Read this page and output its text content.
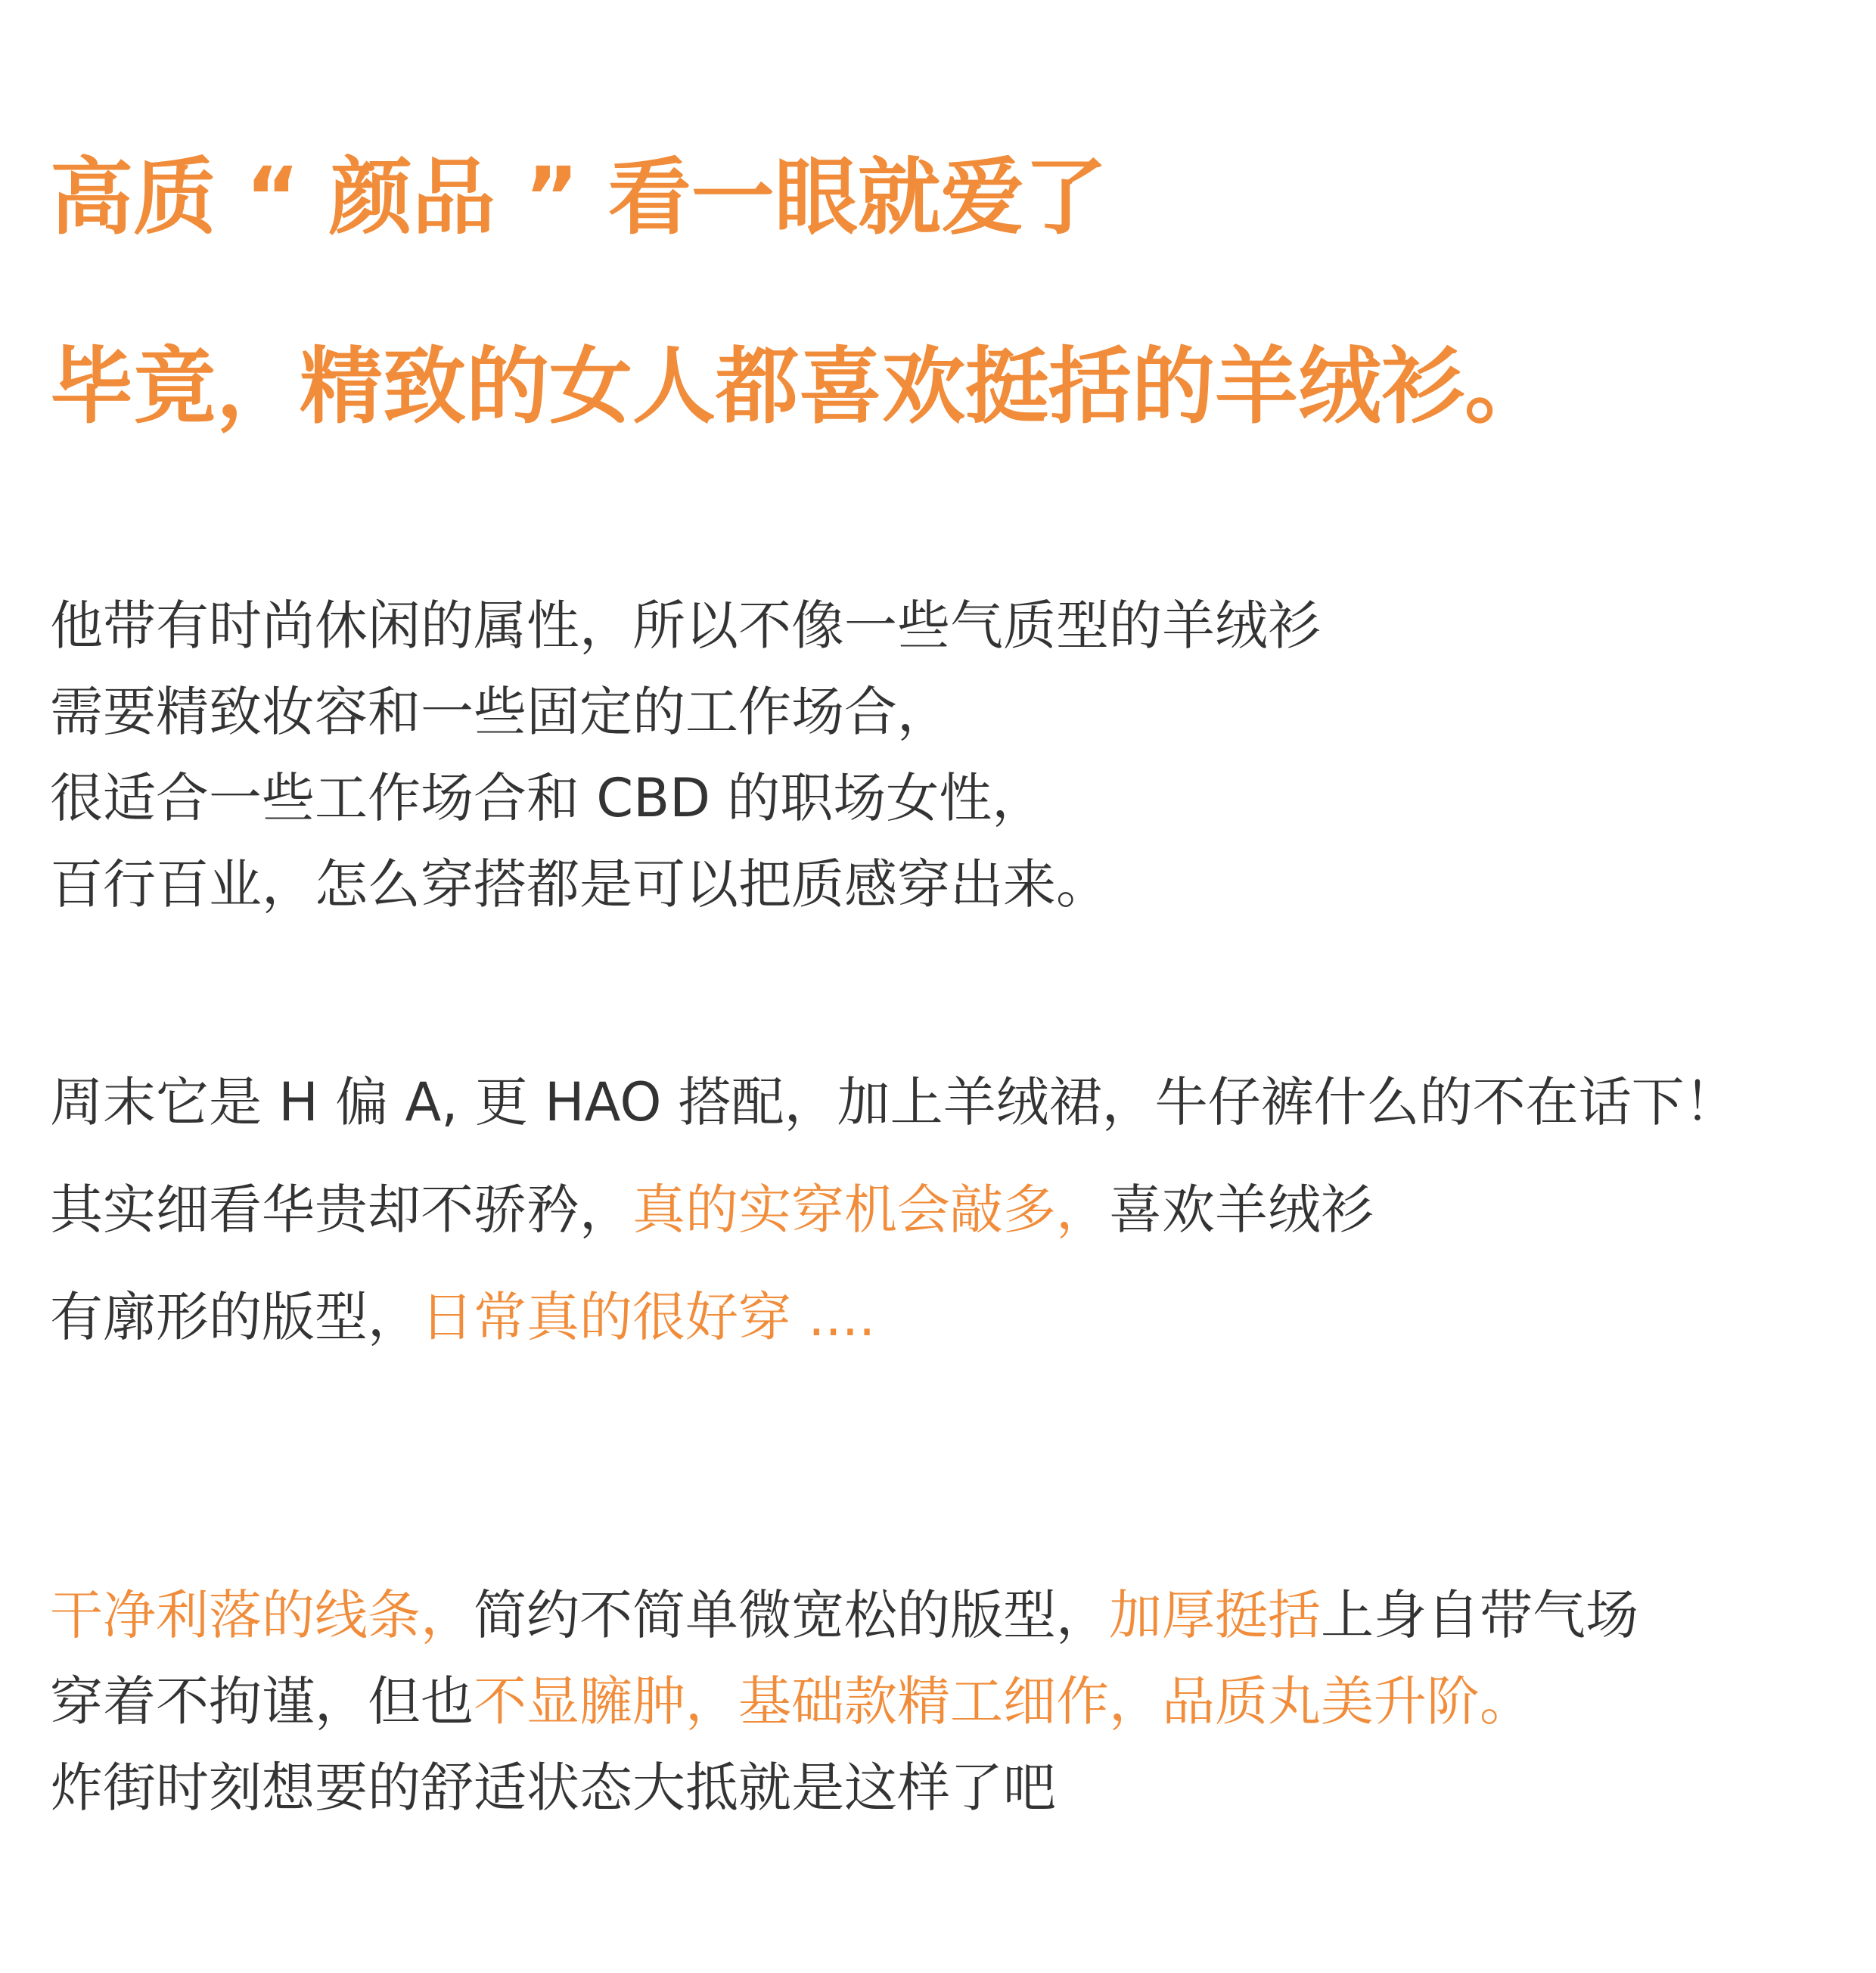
高质 “ 颜品 ” 看一眼就爱了
毕竟，精致的女人都喜欢挺括的羊绒衫。
他带有时尚休闲的属性，所以不像一些气质型的羊绒衫
需要精致妆容和一些固定的工作场合，
很适合一些工作场合和 CBD 的职场女性，
百行百业，怎么穿搭都是可以把质感穿出来。
周末它是 H 偏 A, 更 HAO 搭配，加上羊绒裙，牛仔裤什么的不在话下！
其实细看华贵却不骄矜，真的实穿机会敲多，喜欢羊绒衫
有廓形的版型，日常真的很好穿 ....
干净利落的线条，简约不简单微宽松的版型，加厚挺括上身自带气场
穿着不拘谨，但也不显臃肿，基础款精工细作，品质丸美升阶。
炸街时刻想要的舒适状态大抵就是这样了吧
